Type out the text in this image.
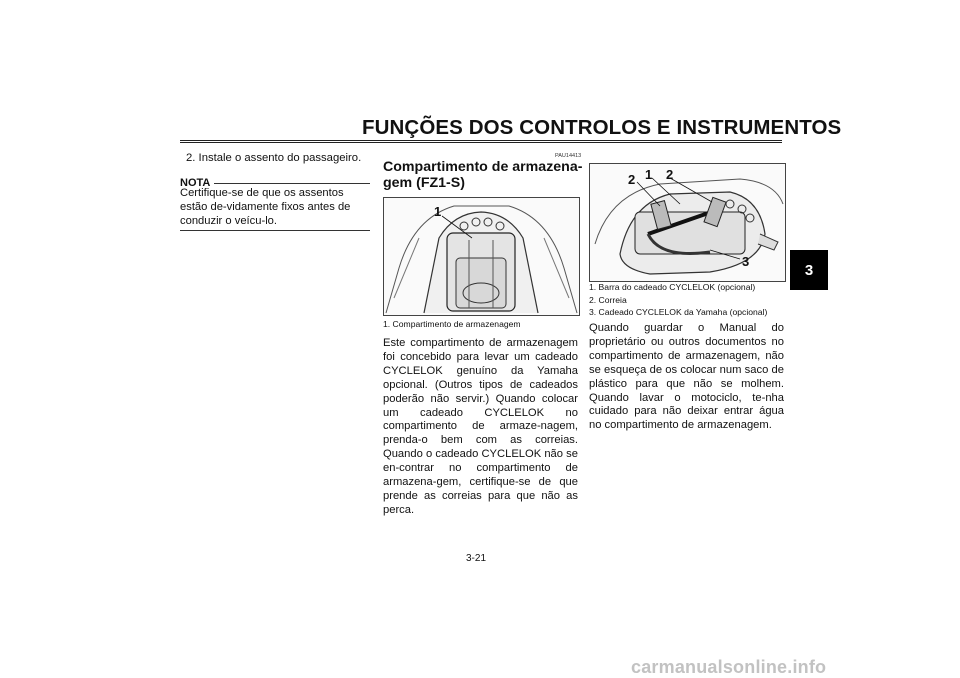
FUNÇÕES DOS CONTROLOS E INSTRUMENTOS
3
2. Instale o assento do passageiro.
NOTA
Certifique-se de que os assentos estão de-vidamente fixos antes de conduzir o veícu-lo.
PAU14413
Compartimento de armazena-gem (FZ1-S)
1
1. Compartimento de armazenagem
Este compartimento de armazenagem foi concebido para levar um cadeado CYCLELOK genuíno da Yamaha opcional. (Outros tipos de cadeados poderão não servir.) Quando colocar um cadeado CYCLELOK no compartimento de armaze-nagem, prenda-o bem com as correias. Quando o cadeado CYCLELOK não se en-contrar no compartimento de armazena-gem, certifique-se de que prende as correias para que não as perca.
2 1 2
3
1. Barra do cadeado CYCLELOK (opcional)
2. Correia
3. Cadeado CYCLELOK da Yamaha (opcional)
Quando guardar o Manual do proprietário ou outros documentos no compartimento de armazenagem, não se esqueça de os colocar num saco de plástico para que não se molhem. Quando lavar o motociclo, te-nha cuidado para não deixar entrar água no compartimento de armazenagem.
3-21
carmanualsonline.info
